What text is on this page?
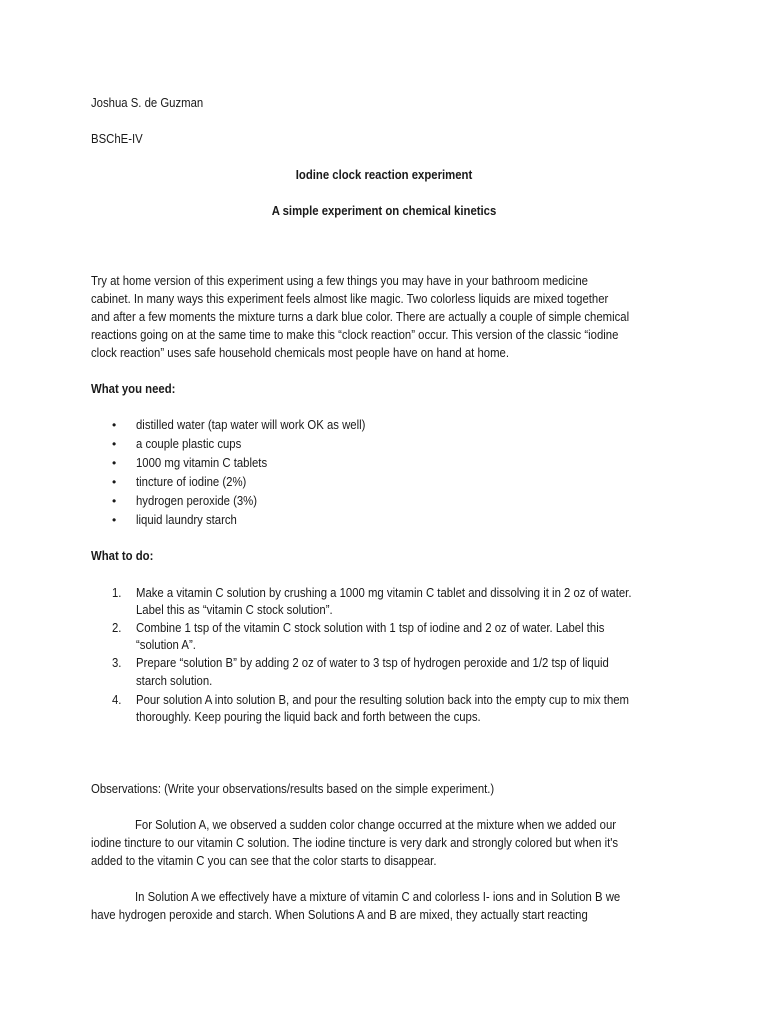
Joshua S. de Guzman

BSChE-IV

Iodine clock reaction experiment

A simple experiment on chemical kinetics

Try at home version of this experiment using a few things you may have in your bathroom medicine

cabinet. In many ways this experiment feels almost like magic. Two colorless liquids are mixed together

and after a few moments the mixture turns a dark blue color. There are actually a couple of simple chemical

reactions going on at the same time to make this “clock reaction” occur. This version of the classic “iodine

clock reaction” uses safe household chemicals most people have on hand at home.

What you need:

• distilled water (tap water will work OK as well)

• a couple plastic cups

• 1000 mg vitamin C tablets

• tincture of iodine (2%)

• hydrogen peroxide (3%)

• liquid laundry starch

What to do:

1. Make a vitamin C solution by crushing a 1000 mg vitamin C tablet and dissolving it in 2 oz of water.

Label this as “vitamin C stock solution”.

2. Combine 1 tsp of the vitamin C stock solution with 1 tsp of iodine and 2 oz of water. Label this

“solution A”.

3. Prepare “solution B” by adding 2 oz of water to 3 tsp of hydrogen peroxide and 1/2 tsp of liquid

starch solution.

4. Pour solution A into solution B, and pour the resulting solution back into the empty cup to mix them

thoroughly. Keep pouring the liquid back and forth between the cups.

Observations: (Write your observations/results based on the simple experiment.)

For Solution A, we observed a sudden color change occurred at the mixture when we added our

iodine tincture to our vitamin C solution. The iodine tincture is very dark and strongly colored but when it's

added to the vitamin C you can see that the color starts to disappear.

In Solution A we effectively have a mixture of vitamin C and colorless I- ions and in Solution B we

have hydrogen peroxide and starch. When Solutions A and B are mixed, they actually start reacting
